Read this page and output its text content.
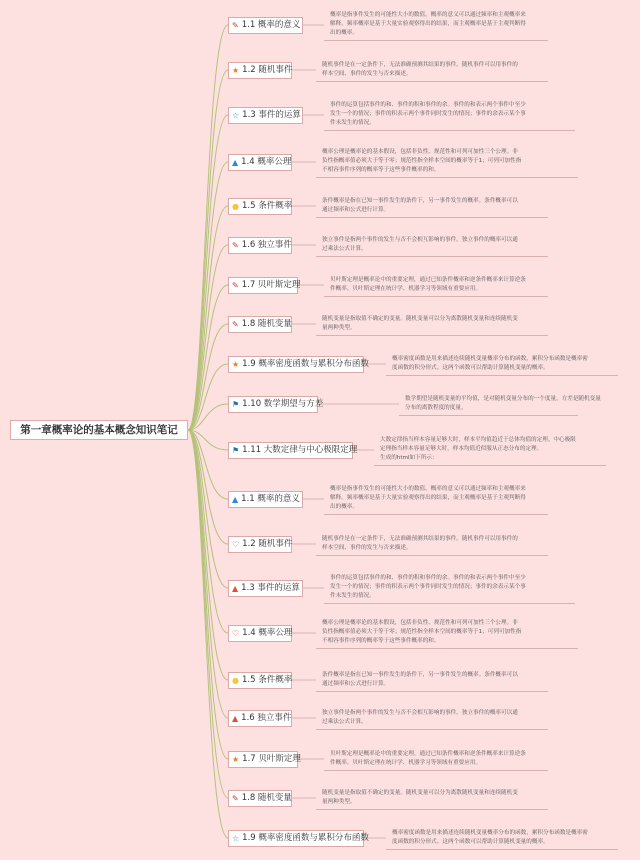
第一章概率论的基本概念知识笔记
✎ 1.1 概率的意义
概率是指事件发生的可能性大小的数值。概率的意义可以通过频率和主观概率来
解释。频率概率是基于大量实验观察得出的结果，而主观概率是基于主观判断得
出的概率。
★ 1.2 随机事件	随机事件是在一定条件下，无法准确预测其结果的事件。随机事件可以用事件的
样本空间、事件的发生与否来描述。
☆ 1.3 事件的运算
事件的运算包括事件的和、事件的积和事件的余。事件的和表示两个事件中至少
发生一个的情况；事件的积表示两个事件同时发生的情况；事件的余表示某个事
件未发生的情况。
▲ 1.4 概率公理
概率公理是概率论的基本假设，包括非负性、规范性和可列可加性三个公理。非
负性指概率值必须大于等于零；规范性指全样本空间的概率等于1；可列可加性指
不相容事件序列的概率等于这些事件概率的和。
● 1.5 条件概率	条件概率是指在已知一事件发生的条件下，另一事件发生的概率。条件概率可以
通过频率和公式进行计算。
✎ 1.6 独立事件	独立事件是指两个事件的发生与否不会相互影响的事件。独立事件的概率可以通
过乘法公式计算。
✎ 1.7 贝叶斯定理	贝叶斯定理是概率论中的重要定理，通过已知条件概率和逆条件概率来计算逆条
件概率。贝叶斯定理在统计学、机器学习等领域有重要应用。
✎ 1.8 随机变量	随机变量是指取值不确定的变量。随机变量可以分为离散随机变量和连续随机变
量两种类型。
★ 1.9 概率密度函数与累积分布函数	概率密度函数是用来描述连续随机变量概率分布的函数，累积分布函数是概率密
度函数的积分形式。这两个函数可以帮助计算随机变量的概率。
⚑ 1.10 数学期望与方差	数学期望是随机变量的平均值，是对随机变量分布的一个度量。方差是随机变量
分布的离散程度的度量。
⚑ 1.11 大数定律与中心极限定理
大数定律指当样本容量足够大时，样本平均值趋近于总体均值的定理。中心极限
定理指当样本容量足够大时，样本均值近似服从正态分布的定理。
生成的html如下所示：
▲ 1.1 概率的意义
概率是指事件发生的可能性大小的数值。概率的意义可以通过频率和主观概率来
解释。频率概率是基于大量实验观察得出的结果，而主观概率是基于主观判断得
出的概率。
♡ 1.2 随机事件	随机事件是在一定条件下，无法准确预测其结果的事件。随机事件可以用事件的
样本空间、事件的发生与否来描述。
▲ 1.3 事件的运算
事件的运算包括事件的和、事件的积和事件的余。事件的和表示两个事件中至少
发生一个的情况；事件的积表示两个事件同时发生的情况；事件的余表示某个事
件未发生的情况。
♡ 1.4 概率公理
概率公理是概率论的基本假设，包括非负性、规范性和可列可加性三个公理。非
负性指概率值必须大于等于零；规范性指全样本空间的概率等于1；可列可加性指
不相容事件序列的概率等于这些事件概率的和。
● 1.5 条件概率	条件概率是指在已知一事件发生的条件下，另一事件发生的概率。条件概率可以
通过频率和公式进行计算。
▲ 1.6 独立事件	独立事件是指两个事件的发生与否不会相互影响的事件。独立事件的概率可以通
过乘法公式计算。
★ 1.7 贝叶斯定理	贝叶斯定理是概率论中的重要定理，通过已知条件概率和逆条件概率来计算逆条
件概率。贝叶斯定理在统计学、机器学习等领域有重要应用。
✎ 1.8 随机变量	随机变量是指取值不确定的变量。随机变量可以分为离散随机变量和连续随机变
量两种类型。
☆ 1.9 概率密度函数与累积分布函数	概率密度函数是用来描述连续随机变量概率分布的函数，累积分布函数是概率密
度函数的积分形式。这两个函数可以帮助计算随机变量的概率。
